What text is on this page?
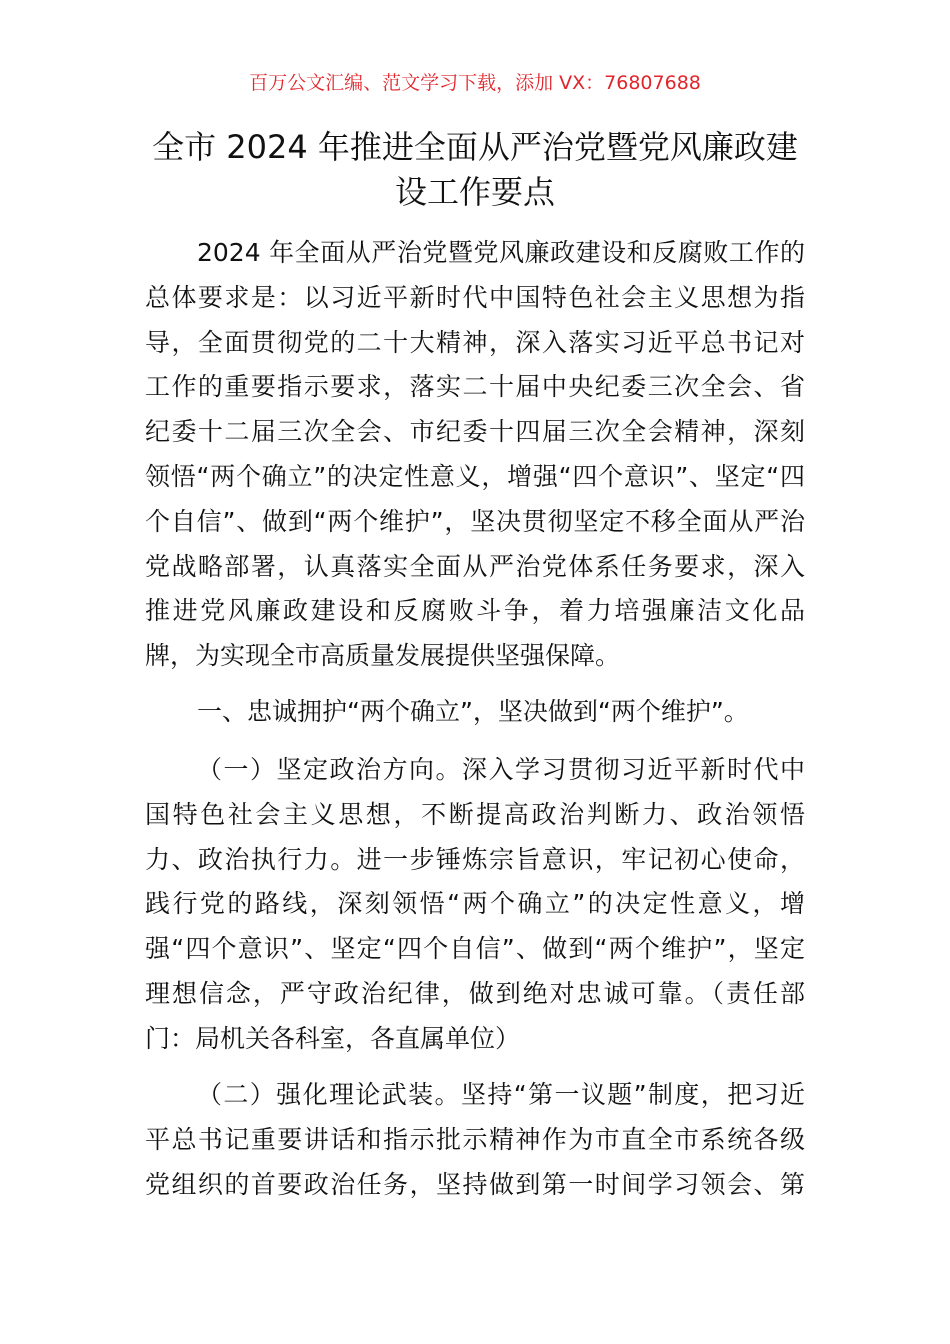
百万公文汇编、范文学习下载，添加 VX：76807688
全市 2024 年推进全面从严治党暨党风廉政建
设工作要点
2024 年全面从严治党暨党风廉政建设和反腐败工作的
总体要求是：以习近平新时代中国特色社会主义思想为指
导，全面贯彻党的二十大精神，深入落实习近平总书记对
工作的重要指示要求，落实二十届中央纪委三次全会、省
纪委十二届三次全会、市纪委十四届三次全会精神，深刻
领悟“两个确立”的决定性意义，增强“四个意识”、坚定“四
个自信”、做到“两个维护”，坚决贯彻坚定不移全面从严治
党战略部署，认真落实全面从严治党体系任务要求，深入
推进党风廉政建设和反腐败斗争，着力培强廉洁文化品
牌，为实现全市高质量发展提供坚强保障。
一、忠诚拥护“两个确立”，坚决做到“两个维护”。
（一）坚定政治方向。深入学习贯彻习近平新时代中
国特色社会主义思想，不断提高政治判断力、政治领悟
力、政治执行力。进一步锤炼宗旨意识，牢记初心使命，
践行党的路线，深刻领悟“两个确立”的决定性意义，增
强“四个意识”、坚定“四个自信”、做到“两个维护”，坚定
理想信念，严守政治纪律，做到绝对忠诚可靠。（责任部
门：局机关各科室，各直属单位）
（二）强化理论武装。坚持“第一议题”制度，把习近
平总书记重要讲话和指示批示精神作为市直全市系统各级
党组织的首要政治任务，坚持做到第一时间学习领会、第
